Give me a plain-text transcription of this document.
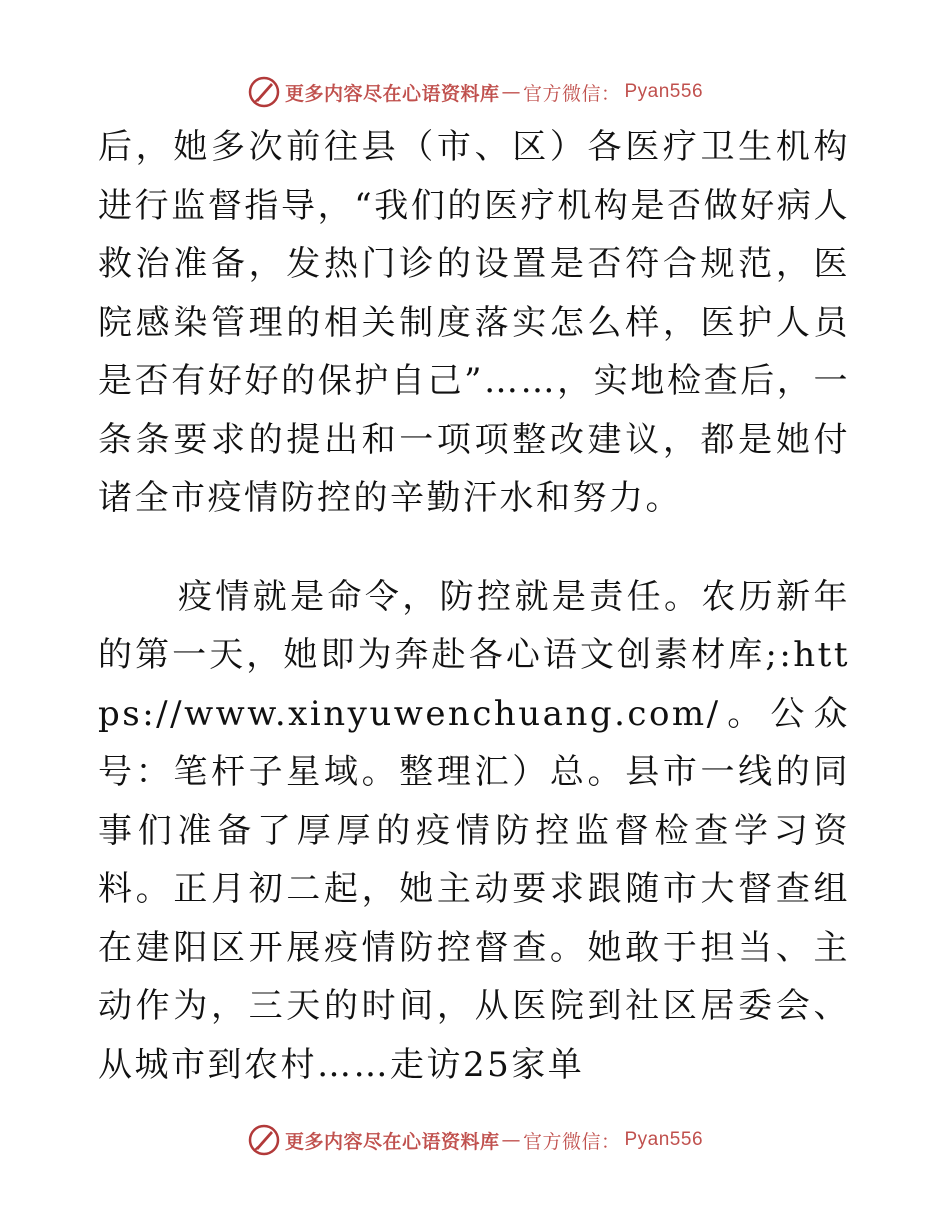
更多内容尽在心语资料库 — 官方微信： Pyan556

后，她多次前往县（市、区）各医疗卫生机构进行监督指导，“我们的医疗机构是否做好病人救治准备，发热门诊的设置是否符合规范，医院感染管理的相关制度落实怎么样，医护人员是否有好好的保护自己”……，实地检查后，一条条要求的提出和一项项整改建议，都是她付诸全市疫情防控的辛勤汗水和努力。

疫情就是命令，防控就是责任。农历新年的第一天，她即为奔赴各心语文创素材库;:https://www.xinyuwenchuang.com/。公众号：笔杆子星域。整理汇）总。县市一线的同事们准备了厚厚的疫情防控监督检查学习资料。正月初二起，她主动要求跟随市大督查组在建阳区开展疫情防控督查。她敢于担当、主动作为，三天的时间，从医院到社区居委会、从城市到农村……走访25家单

更多内容尽在心语资料库 — 官方微信： Pyan556
